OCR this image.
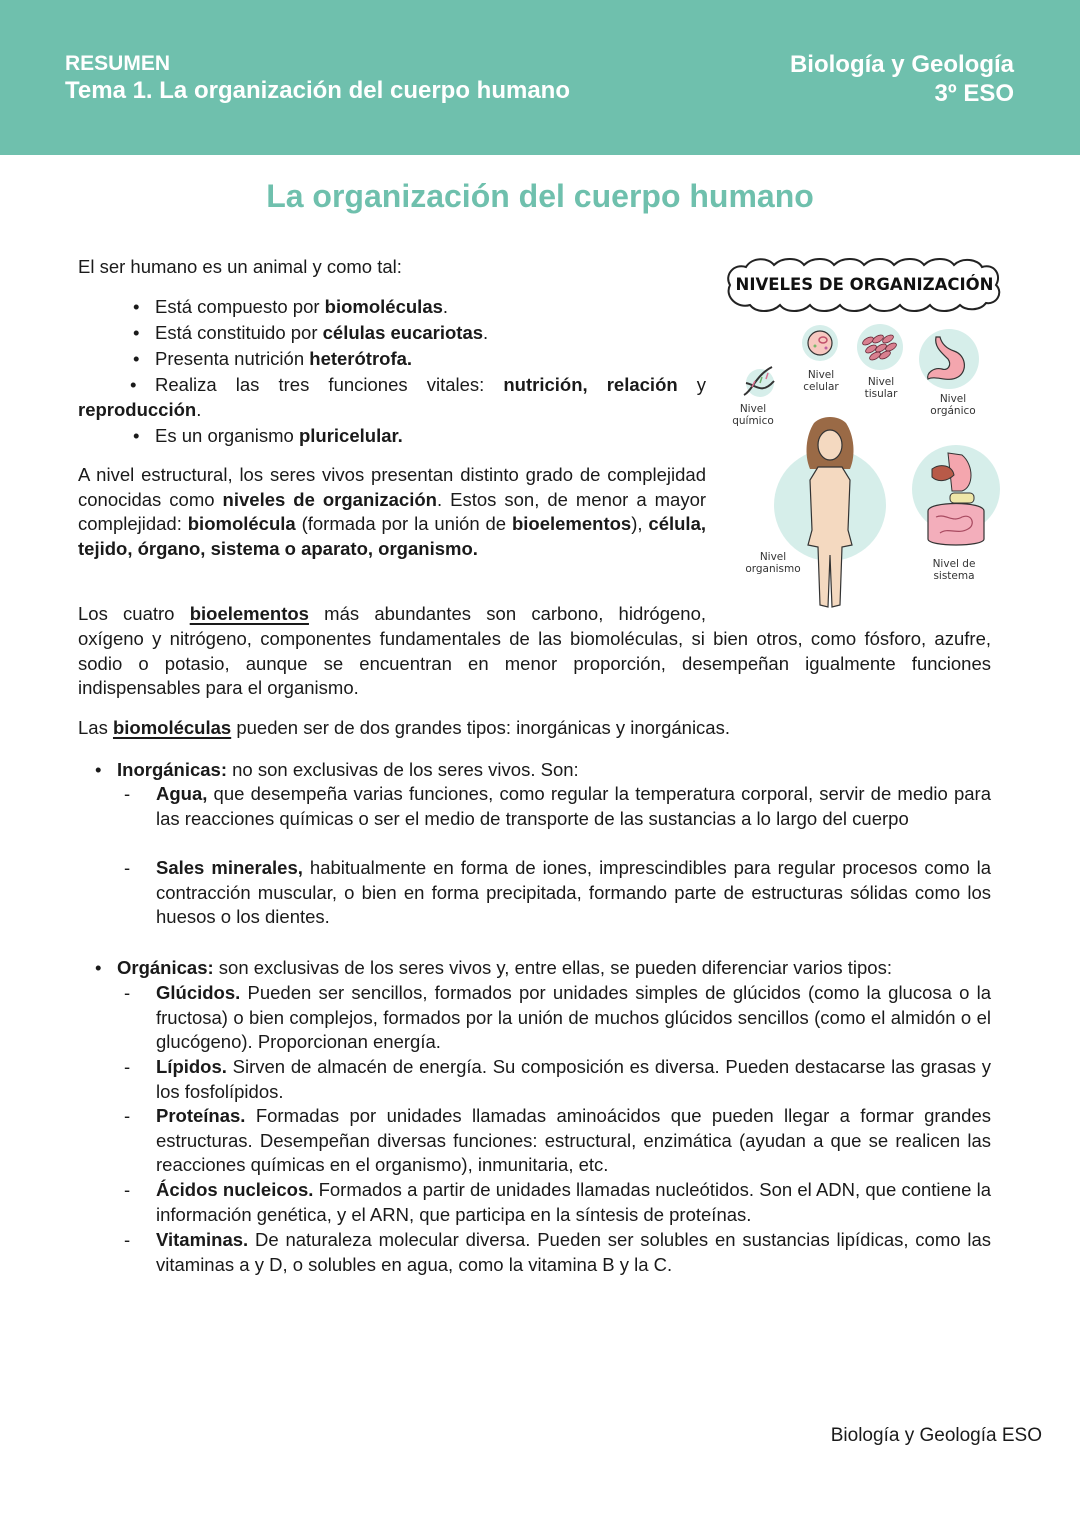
RESUMEN
Tema 1. La organización del cuerpo humano
Biología y Geología
3º ESO
La organización del cuerpo humano
El ser humano es un animal y como tal:
• Está compuesto por biomoléculas.
• Está constituido por células eucariotas.
• Presenta nutrición heterótrofa.
• Realiza las tres funciones vitales: nutrición, relación y reproducción.
• Es un organismo pluricelular.
A nivel estructural, los seres vivos presentan distinto grado de complejidad conocidas como niveles de organización. Estos son, de menor a mayor complejidad: biomolécula (formada por la unión de bioelementos), célula, tejido, órgano, sistema o aparato, organismo.
Los cuatro bioelementos más abundantes son carbono, hidrógeno,
oxígeno y nitrógeno, componentes fundamentales de las biomoléculas, si bien otros, como fósforo, azufre, sodio o potasio, aunque se encuentran en menor proporción, desempeñan igualmente funciones indispensables para el organismo.
Las biomoléculas pueden ser de dos grandes tipos: inorgánicas y inorgánicas.
• Inorgánicas: no son exclusivas de los seres vivos. Son:
- Agua, que desempeña varias funciones, como regular la temperatura corporal, servir de medio para las reacciones químicas o ser el medio de transporte de las sustancias a lo largo del cuerpo
- Sales minerales, habitualmente en forma de iones, imprescindibles para regular procesos como la contracción muscular, o bien en forma precipitada, formando parte de estructuras sólidas como los huesos o los dientes.
• Orgánicas: son exclusivas de los seres vivos y, entre ellas, se pueden diferenciar varios tipos:
- Glúcidos. Pueden ser sencillos, formados por unidades simples de glúcidos (como la glucosa o la fructosa) o bien complejos, formados por la unión de muchos glúcidos sencillos (como el almidón o el glucógeno). Proporcionan energía.
- Lípidos. Sirven de almacén de energía. Su composición es diversa. Pueden destacarse las grasas y los fosfolípidos.
- Proteínas. Formadas por unidades llamadas aminoácidos que pueden llegar a formar grandes estructuras. Desempeñan diversas funciones: estructural, enzimática (ayudan a que se realicen las reacciones químicas en el organismo), inmunitaria, etc.
- Ácidos nucleicos. Formados a partir de unidades llamadas nucleótidos. Son el ADN, que contiene la información genética, y el ARN, que participa en la síntesis de proteínas.
- Vitaminas. De naturaleza molecular diversa. Pueden ser solubles en sustancias lipídicas, como las vitaminas a y D, o solubles en agua, como la vitamina B y la C.
NIVELES DE ORGANIZACIÓN
Nivel
químico
Nivel
celular	Nivel
tisular	Nivel
orgánico
Nivel
organismo	Nivel de
sistema
Biología y Geología ESO
